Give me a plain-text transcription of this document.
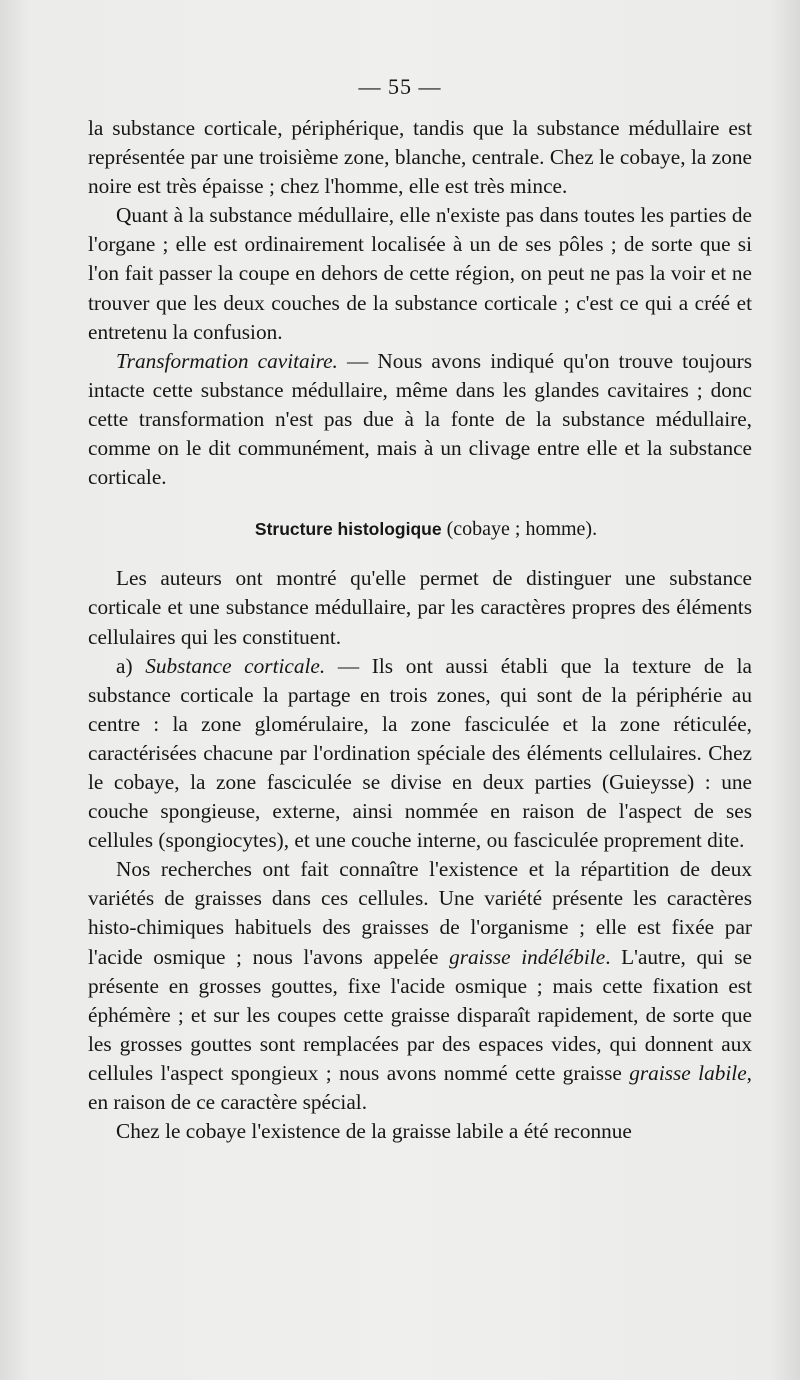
— 55 —

la substance corticale, périphérique, tandis que la substance médullaire est représentée par une troisième zone, blanche, centrale. Chez le cobaye, la zone noire est très épaisse ; chez l'homme, elle est très mince.

Quant à la substance médullaire, elle n'existe pas dans toutes les parties de l'organe ; elle est ordinairement localisée à un de ses pôles ; de sorte que si l'on fait passer la coupe en dehors de cette région, on peut ne pas la voir et ne trouver que les deux couches de la substance corticale ; c'est ce qui a créé et entretenu la confusion.

Transformation cavitaire. — Nous avons indiqué qu'on trouve toujours intacte cette substance médullaire, même dans les glandes cavitaires ; donc cette transformation n'est pas due à la fonte de la substance médullaire, comme on le dit communément, mais à un clivage entre elle et la substance corticale.

Structure histologique (cobaye ; homme).

Les auteurs ont montré qu'elle permet de distinguer une substance corticale et une substance médullaire, par les caractères propres des éléments cellulaires qui les constituent.

a) Substance corticale. — Ils ont aussi établi que la texture de la substance corticale la partage en trois zones, qui sont de la périphérie au centre : la zone glomérulaire, la zone fasciculée et la zone réticulée, caractérisées chacune par l'ordination spéciale des éléments cellulaires. Chez le cobaye, la zone fasciculée se divise en deux parties (Guieysse) : une couche spongieuse, externe, ainsi nommée en raison de l'aspect de ses cellules (spongiocytes), et une couche interne, ou fasciculée proprement dite.

Nos recherches ont fait connaître l'existence et la répartition de deux variétés de graisses dans ces cellules. Une variété présente les caractères histo-chimiques habituels des graisses de l'organisme ; elle est fixée par l'acide osmique ; nous l'avons appelée graisse indélébile. L'autre, qui se présente en grosses gouttes, fixe l'acide osmique ; mais cette fixation est éphémère ; et sur les coupes cette graisse disparaît rapidement, de sorte que les grosses gouttes sont remplacées par des espaces vides, qui donnent aux cellules l'aspect spongieux ; nous avons nommé cette graisse graisse labile, en raison de ce caractère spécial.

Chez le cobaye l'existence de la graisse labile a été reconnue
